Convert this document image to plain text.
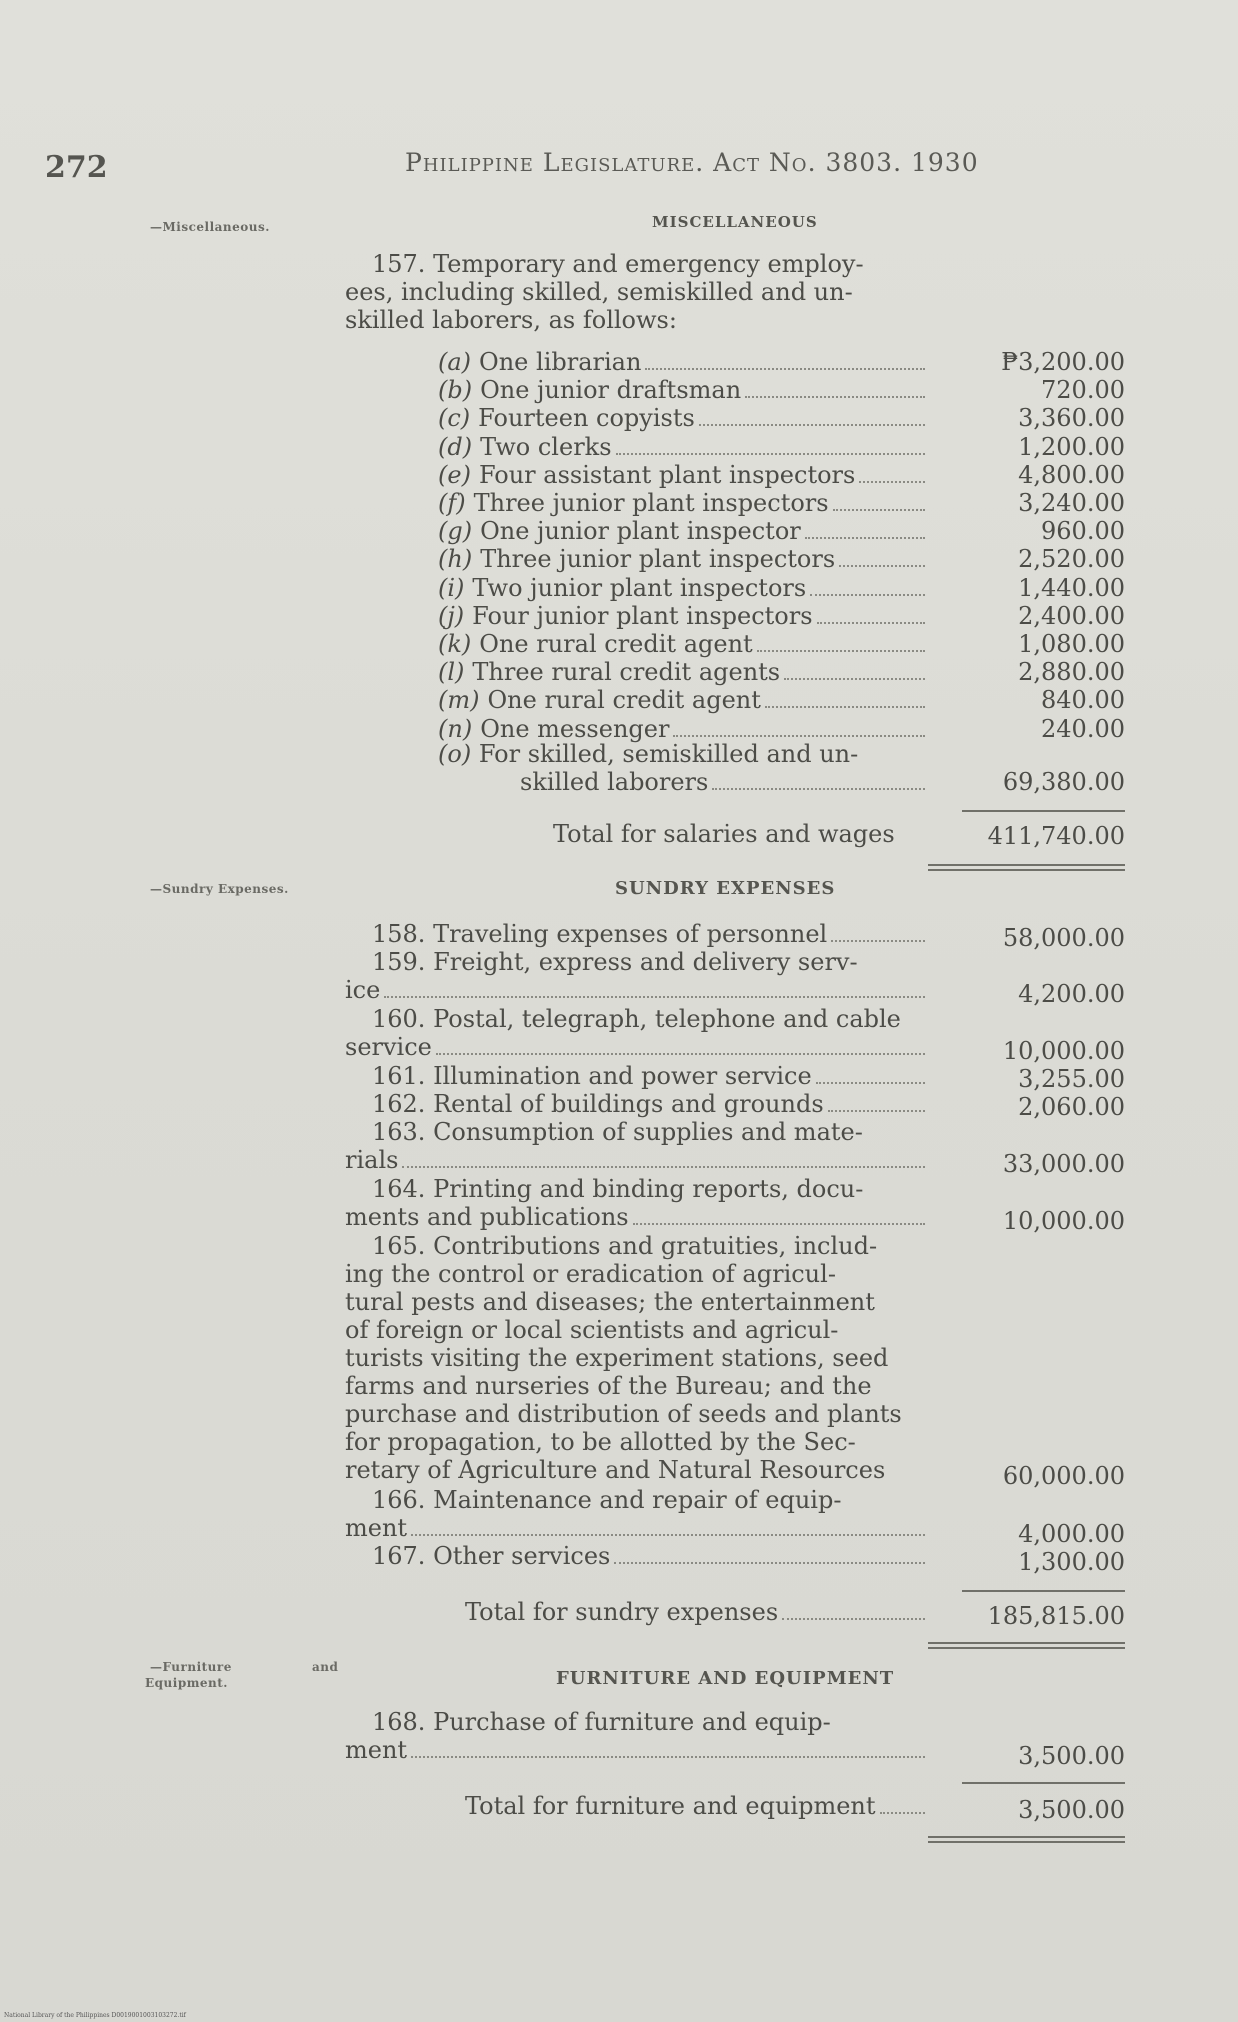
272	Philippine Legislature. Act No. 3803. 1930
—Miscellaneous.
—Sundry Expenses.
—Furniture	and
Equipment.
MISCELLANEOUS
157. Temporary and emergency employ-
ees, including skilled, semiskilled and un-
skilled laborers, as follows:
(a) One librarian	₱3,200.00
(b) One junior draftsman	720.00
(c) Fourteen copyists	3,360.00
(d) Two clerks	1,200.00
(e) Four assistant plant inspectors	4,800.00
(f) Three junior plant inspectors	3,240.00
(g) One junior plant inspector	960.00
(h) Three junior plant inspectors	2,520.00
(i) Two junior plant inspectors	1,440.00
(j) Four junior plant inspectors	2,400.00
(k) One rural credit agent	1,080.00
(l) Three rural credit agents	2,880.00
(m) One rural credit agent	840.00
(n) One messenger	240.00
(o) For skilled, semiskilled and un-
skilled laborers	69,380.00
Total for salaries and wages	411,740.00
SUNDRY EXPENSES
158. Traveling expenses of personnel	58,000.00
159. Freight, express and delivery serv-
ice	4,200.00
160. Postal, telegraph, telephone and cable
service	10,000.00
161. Illumination and power service	3,255.00
162. Rental of buildings and grounds	2,060.00
163. Consumption of supplies and mate-
rials	33,000.00
164. Printing and binding reports, docu-
ments and publications	10,000.00
165. Contributions and gratuities, includ-
ing the control or eradication of agricul-
tural pests and diseases; the entertainment
of foreign or local scientists and agricul-
turists visiting the experiment stations, seed
farms and nurseries of the Bureau; and the
purchase and distribution of seeds and plants
for propagation, to be allotted by the Sec-
retary of Agriculture and Natural Resources	60,000.00
166. Maintenance and repair of equip-
ment	4,000.00
167. Other services	1,300.00
Total for sundry expenses	185,815.00
FURNITURE AND EQUIPMENT
168. Purchase of furniture and equip-
ment	3,500.00
Total for furniture and equipment	3,500.00
National Library of the Philippines D0019001003103272.tif
